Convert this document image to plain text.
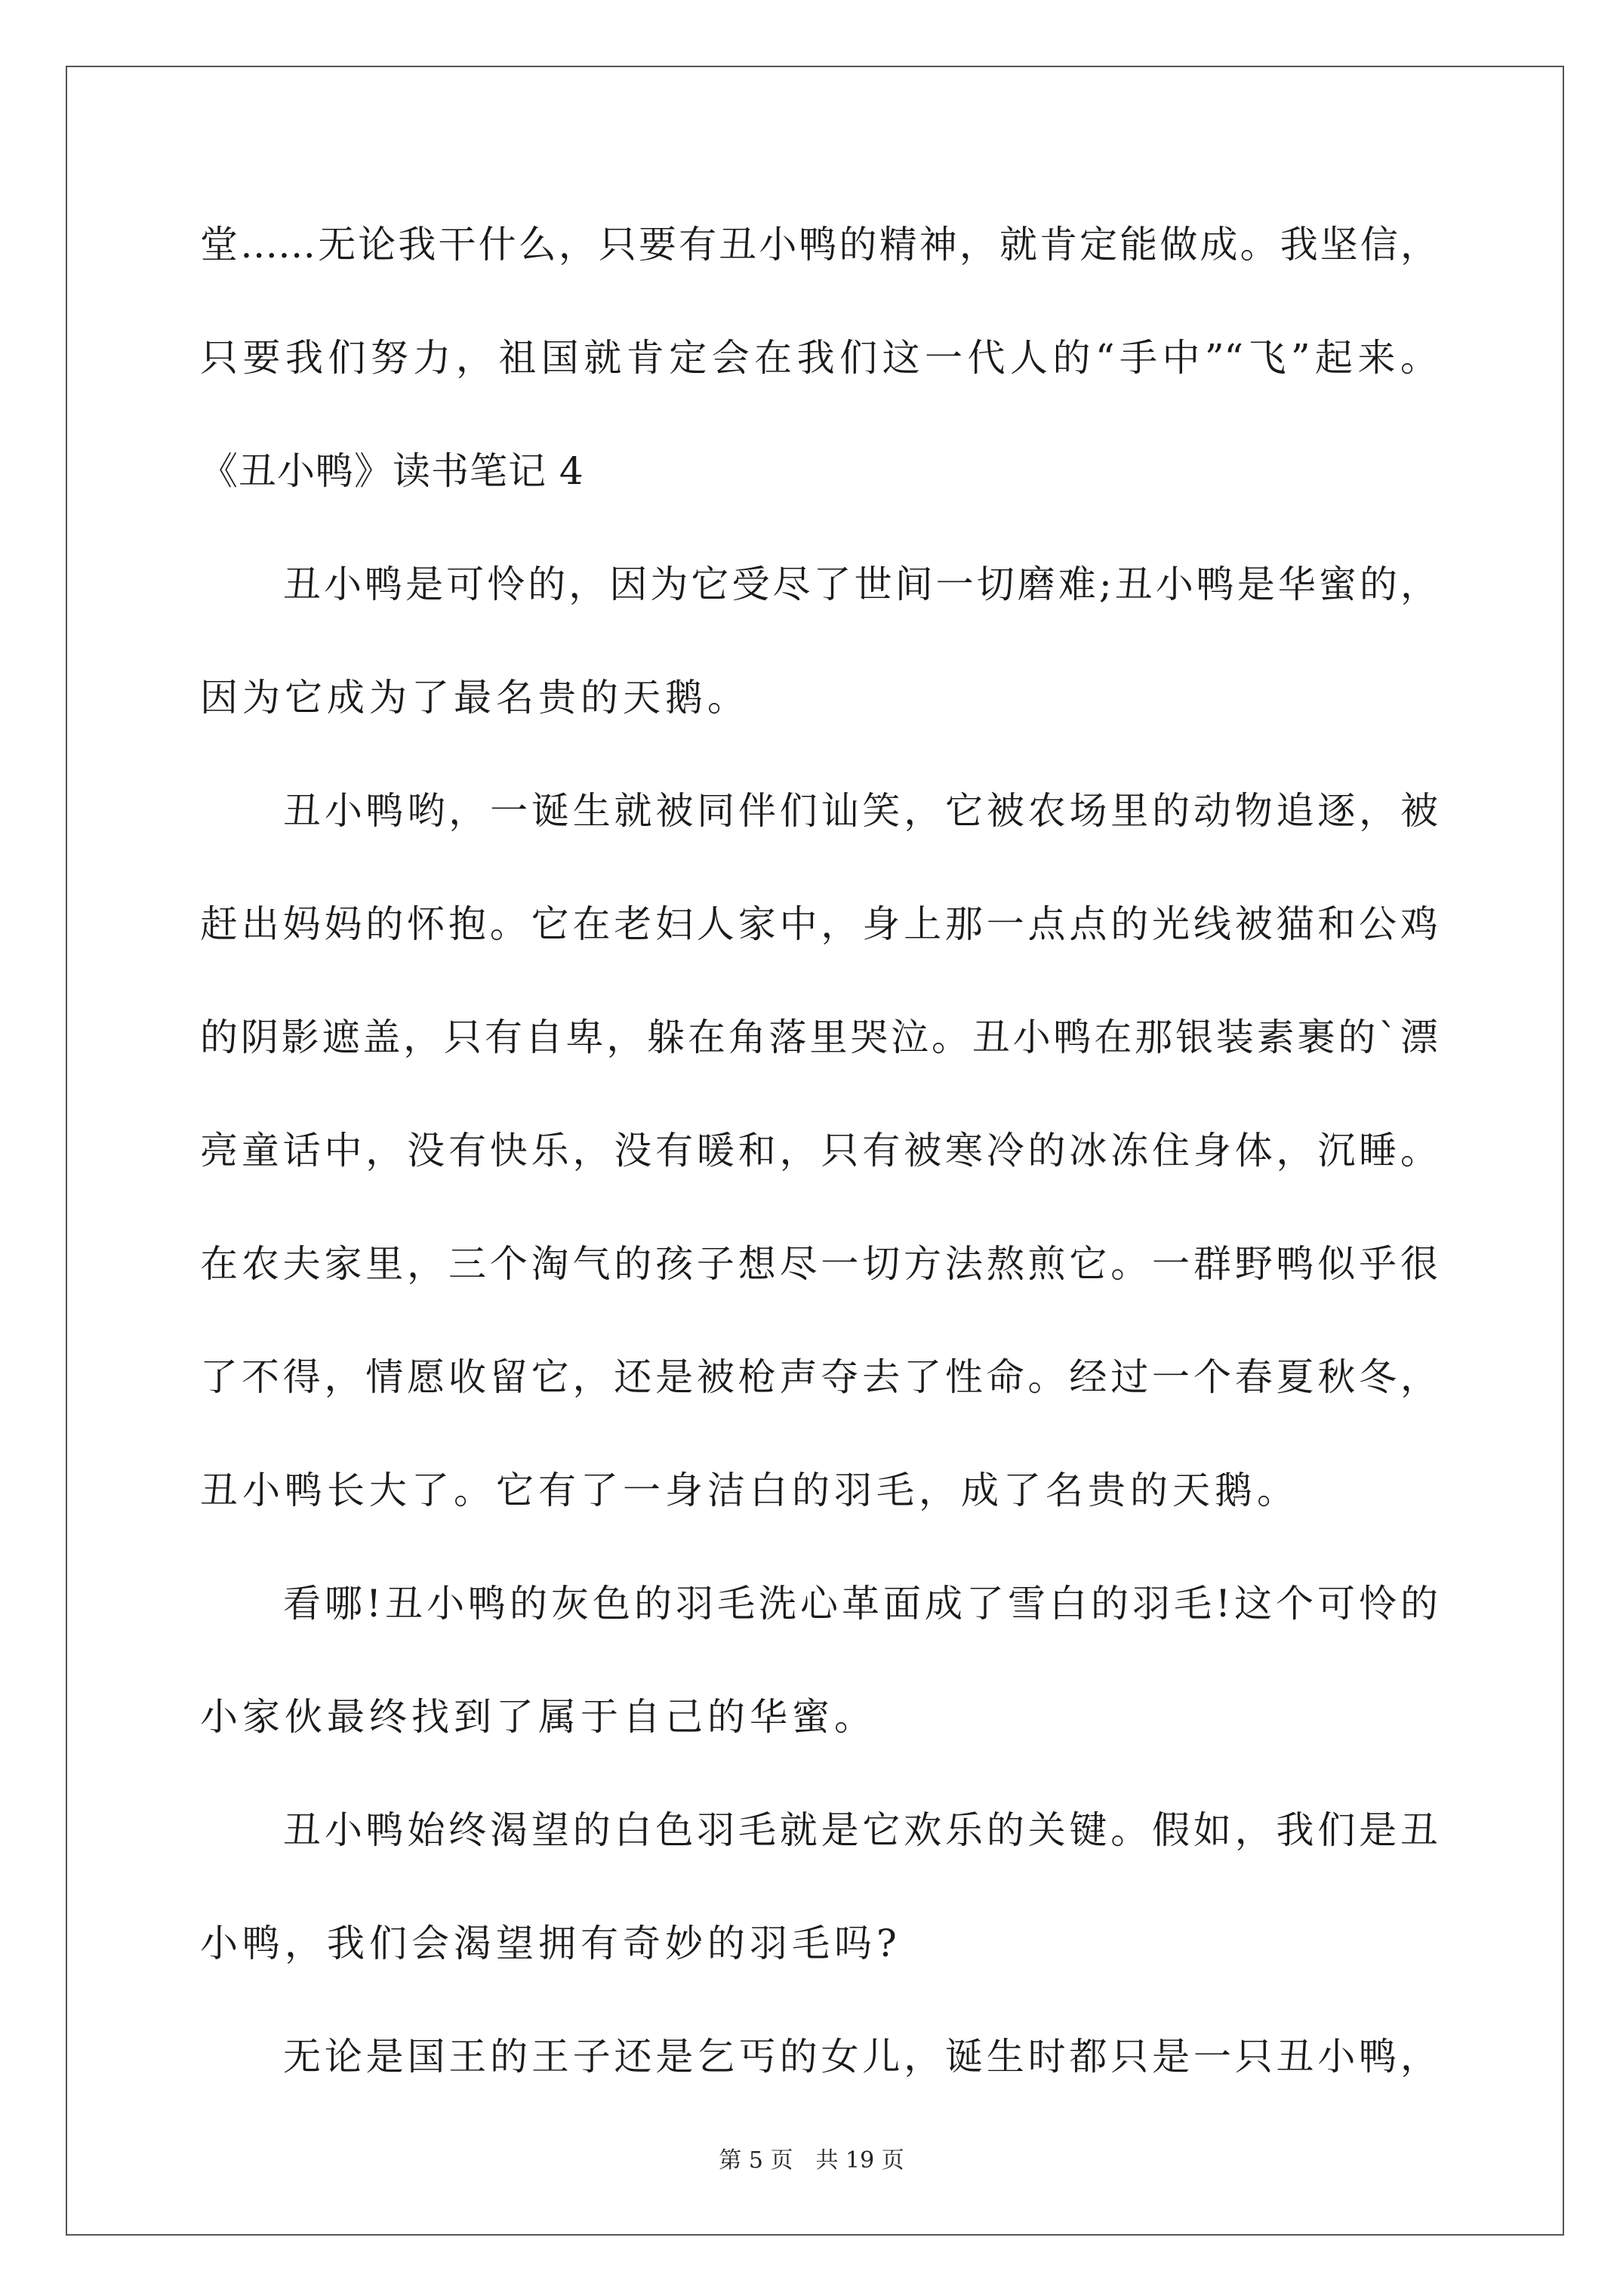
堂……无论我干什么，只要有丑小鸭的精神，就肯定能做成。我坚信，
只要我们努力，祖国就肯定会在我们这一代人的“手中”“飞”起来。
《丑小鸭》读书笔记 4
丑小鸭是可怜的，因为它受尽了世间一切磨难;丑小鸭是华蜜的，
因为它成为了最名贵的天鹅。
丑小鸭哟，一诞生就被同伴们讪笑，它被农场里的动物追逐，被
赶出妈妈的怀抱。它在老妇人家中，身上那一点点的光线被猫和公鸡
的阴影遮盖，只有自卑，躲在角落里哭泣。丑小鸭在那银装素裹的`漂
亮童话中，没有快乐，没有暖和，只有被寒冷的冰冻住身体，沉睡。
在农夫家里，三个淘气的孩子想尽一切方法熬煎它。一群野鸭似乎很
了不得，情愿收留它，还是被枪声夺去了性命。经过一个春夏秋冬，
丑小鸭长大了。它有了一身洁白的羽毛，成了名贵的天鹅。
看哪!丑小鸭的灰色的羽毛洗心革面成了雪白的羽毛!这个可怜的
小家伙最终找到了属于自己的华蜜。
丑小鸭始终渴望的白色羽毛就是它欢乐的关键。假如，我们是丑
小鸭，我们会渴望拥有奇妙的羽毛吗?
无论是国王的王子还是乞丐的女儿，诞生时都只是一只丑小鸭，
第 5 页　共 19 页
